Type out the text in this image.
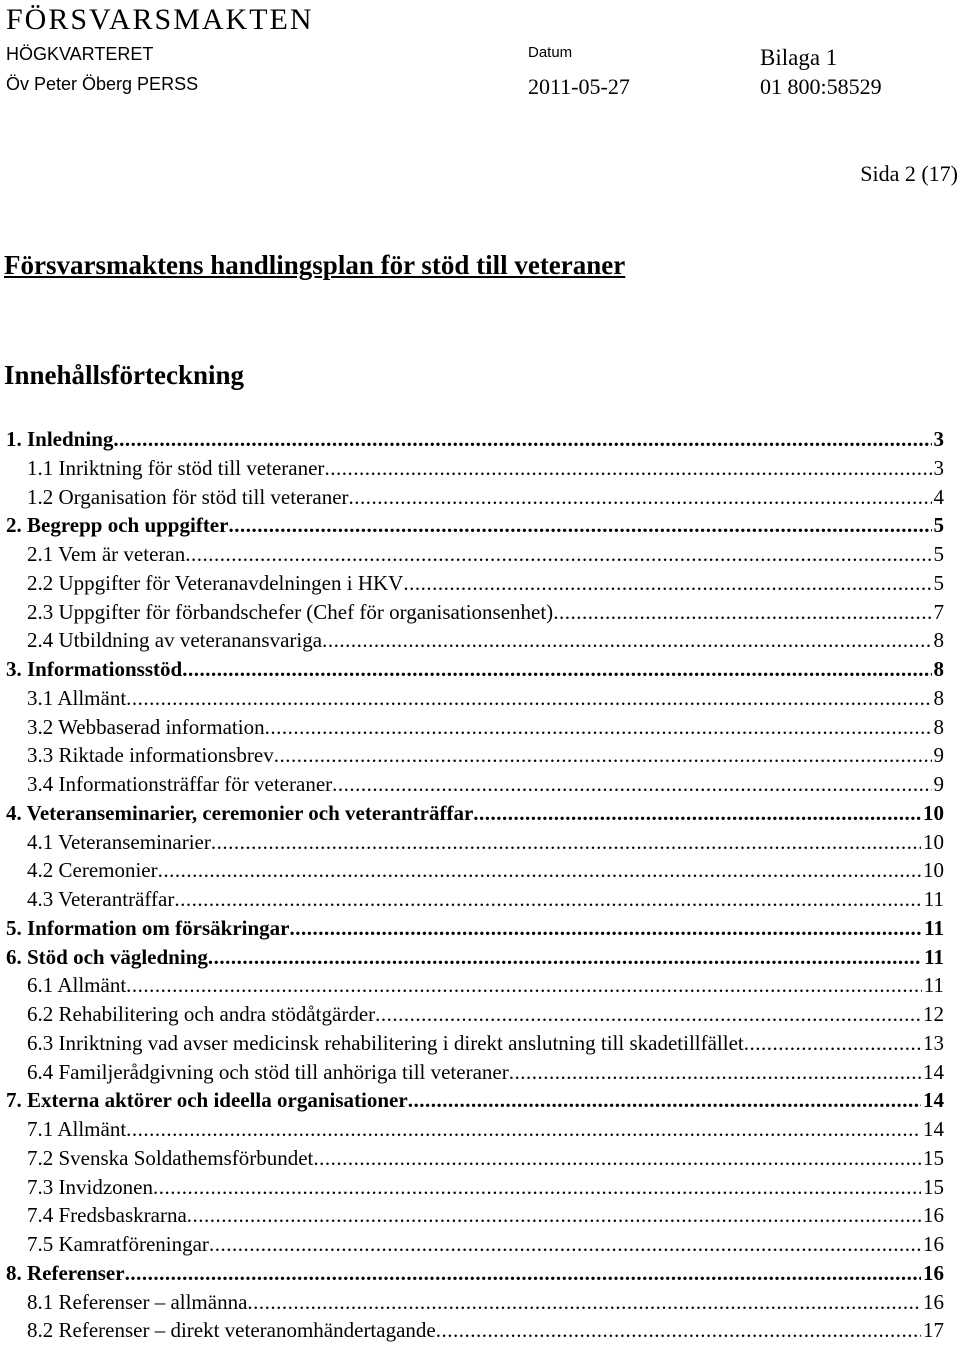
FÖRSVARSMAKTEN
HÖGKVARTERET
Öv Peter Öberg PERSS
Datum
2011-05-27
Bilaga 1
01 800:58529
Sida 2 (17)
Försvarsmaktens handlingsplan för stöd till veteraner
Innehållsförteckning
1. Inledning .....	3
1.1 Inriktning för stöd till veteraner .....	3
1.2 Organisation för stöd till veteraner .....	4
2. Begrepp och uppgifter .....	5
2.1 Vem är veteran .....	5
2.2 Uppgifter för Veteranavdelningen i HKV .....	5
2.3 Uppgifter för förbandschefer (Chef för organisationsenhet) .....	7
2.4 Utbildning av veteranansvariga .....	8
3. Informationsstöd .....	8
3.1 Allmänt .....	8
3.2 Webbaserad information .....	8
3.3 Riktade informationsbrev .....	9
3.4 Informationsträffar för veteraner .....	9
4. Veteranseminarier, ceremonier och veteranträffar .....	10
4.1 Veteranseminarier .....	10
4.2 Ceremonier .....	10
4.3 Veteranträffar .....	11
5. Information om försäkringar .....	11
6. Stöd och vägledning .....	11
6.1 Allmänt .....	11
6.2 Rehabilitering och andra stödåtgärder .....	12
6.3 Inriktning vad avser medicinsk rehabilitering i direkt anslutning till skadetillfället .....	13
6.4 Familjerådgivning och stöd till anhöriga till veteraner .....	14
7. Externa aktörer och ideella organisationer .....	14
7.1 Allmänt .....	14
7.2 Svenska Soldathemsförbundet .....	15
7.3 Invidzonen .....	15
7.4 Fredsbaskrarna .....	16
7.5 Kamratföreningar .....	16
8. Referenser .....	16
8.1 Referenser – allmänna .....	16
8.2 Referenser – direkt veteranomhändertagande .....	17
